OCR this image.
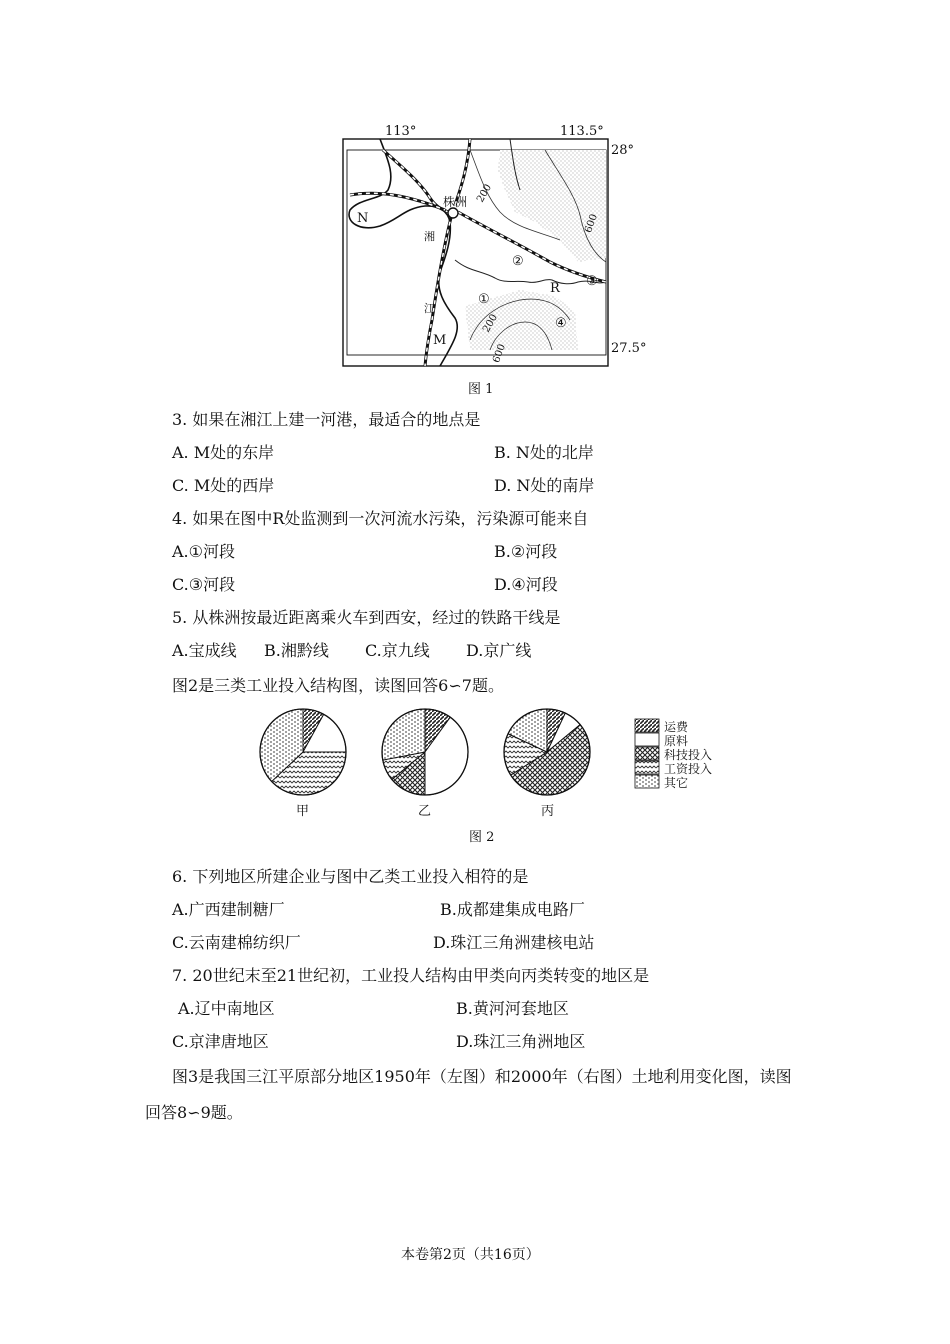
113°	113.5°
28°
27.5°
株洲
湘
江
N
M
R
①
②
③
④
200
600
200
600
图 1
3. 如果在湘江上建一河港，最适合的地点是
A. M处的东岸	B. N处的北岸
C. M处的西岸	D. N处的南岸
4. 如果在图中R处监测到一次河流水污染，污染源可能来自
A.①河段	B.②河段
C.③河段	D.④河段
5. 从株洲按最近距离乘火车到西安，经过的铁路干线是
A.宝成线 B.湘黔线 C.京九线 D.京广线
图2是三类工业投入结构图，读图回答6∽7题。
甲	乙	丙
运费
原料
科技投入
工资投入
其它
图 2
6. 下列地区所建企业与图中乙类工业投入相符的是
A.广西建制糖厂	B.成都建集成电路厂
C.云南建棉纺织厂	D.珠江三角洲建核电站
7. 20世纪末至21世纪初，工业投人结构由甲类向丙类转变的地区是
A.辽中南地区	B.黄河河套地区
C.京津唐地区	D.珠江三角洲地区
图3是我国三江平原部分地区1950年（左图）和2000年（右图）土地利用变化图，读图
回答8∽9题。
本卷第2页（共16页）
